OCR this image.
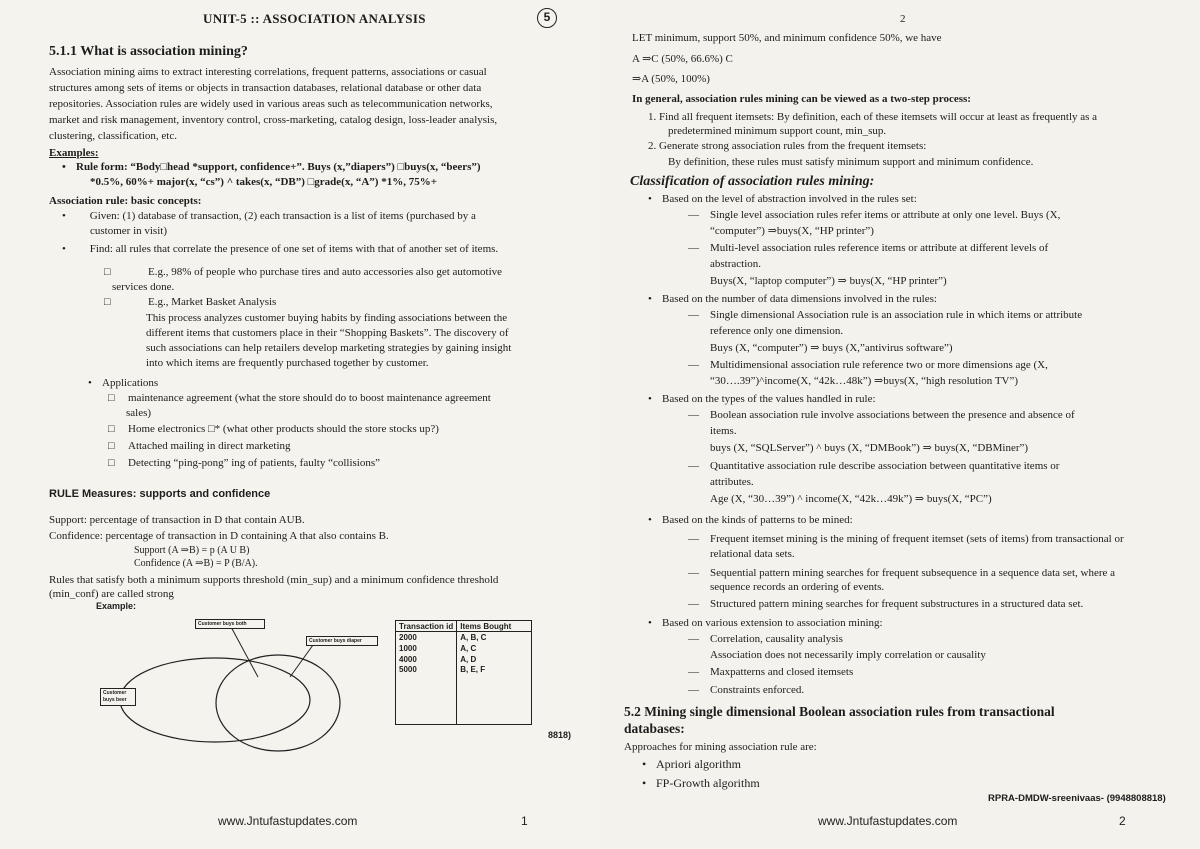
UNIT-5 :: ASSOCIATION ANALYSIS	5
5.1.1 What is association mining?
Association mining aims to extract interesting correlations, frequent patterns, associations or casual
structures among sets of items or objects in transaction databases, relational database or other data
repositories. Association rules are widely used in various areas such as telecommunication networks,
market and risk management, inventory control, cross-marketing, catalog design, loss-leader analysis,
clustering, classification, etc.
Examples:
• Rule form: “Body□head *support, confidence+”. Buys (x,”diapers”) □buys(x, “beers”)
*0.5%, 60%+ major(x, “cs”) ^ takes(x, “DB”) □grade(x, “A”) *1%, 75%+
Association rule: basic concepts:
• Given: (1) database of transaction, (2) each transaction is a list of items (purchased by a
customer in visit)
• Find: all rules that correlate the presence of one set of items with that of another set of items.
□	E.g., 98% of people who purchase tires and auto accessories also get automotive
services done.
□	E.g., Market Basket Analysis
This process analyzes customer buying habits by finding associations between the
different items that customers place in their “Shopping Baskets”. The discovery of
such associations can help retailers develop marketing strategies by gaining insight
into which items are frequently purchased together by customer.
• Applications
□ maintenance agreement (what the store should do to boost maintenance agreement
sales)
□ Home electronics □* (what other products should the store stocks up?)
□ Attached mailing in direct marketing
□ Detecting “ping-pong” ing of patients, faulty “collisions”
RULE Measures: supports and confidence
Support: percentage of transaction in D that contain AUB.
Confidence: percentage of transaction in D containing A that also contains B.
Support (A ⇒B) = p (A U B)
Confidence (A ⇒B) = P (B/A).
Rules that satisfy both a minimum supports threshold (min_sup) and a minimum confidence threshold
(min_conf) are called strong
Example:
Customer buys both
Customer buys diaper
Customer buys beer
Transaction id	Items Bought
2000	A, B, C
1000	A, C
4000	A, D
5000	B, E, F
8818)
www.Jntufastupdates.com	1
2
LET minimum, support 50%, and minimum confidence 50%, we have
A ⇒C (50%, 66.6%) C
⇒A (50%, 100%)
In general, association rules mining can be viewed as a two-step process:
1. Find all frequent itemsets: By definition, each of these itemsets will occur at least as frequently as a
predetermined minimum support count, min_sup.
2. Generate strong association rules from the frequent itemsets:
By definition, these rules must satisfy minimum support and minimum confidence.
Classification of association rules mining:
• Based on the level of abstraction involved in the rules set:
— Single level association rules refer items or attribute at only one level. Buys (X,
“computer”) ⇒buys(X, “HP printer”)
— Multi-level association rules reference items or attribute at different levels of
abstraction.
Buys(X, “laptop computer”) ⇒ buys(X, “HP printer”)
• Based on the number of data dimensions involved in the rules:
— Single dimensional Association rule is an association rule in which items or attribute
reference only one dimension.
Buys (X, “computer”) ⇒ buys (X,”antivirus software”)
— Multidimensional association rule reference two or more dimensions age (X,
“30….39”)^income(X, “42k…48k”) ⇒buys(X, “high resolution TV”)
• Based on the types of the values handled in rule:
— Boolean association rule involve associations between the presence and absence of
items.
buys (X, “SQLServer”) ^ buys (X, “DMBook”) ⇒ buys(X, “DBMiner”)
— Quantitative association rule describe association between quantitative items or
attributes.
Age (X, “30…39”) ^ income(X, “42k…49k”) ⇒ buys(X, “PC”)
• Based on the kinds of patterns to be mined:
— Frequent itemset mining is the mining of frequent itemset (sets of items) from transactional or
relational data sets.
— Sequential pattern mining searches for frequent subsequence in a sequence data set, where a
sequence records an ordering of events.
— Structured pattern mining searches for frequent substructures in a structured data set.
• Based on various extension to association mining:
— Correlation, causality analysis
Association does not necessarily imply correlation or causality
— Maxpatterns and closed itemsets
— Constraints enforced.
5.2 Mining single dimensional Boolean association rules from transactional
databases:
Approaches for mining association rule are:
• Apriori algorithm
• FP-Growth algorithm
RPRA-DMDW-sreenivaas- (9948808818)
www.Jntufastupdates.com	2
